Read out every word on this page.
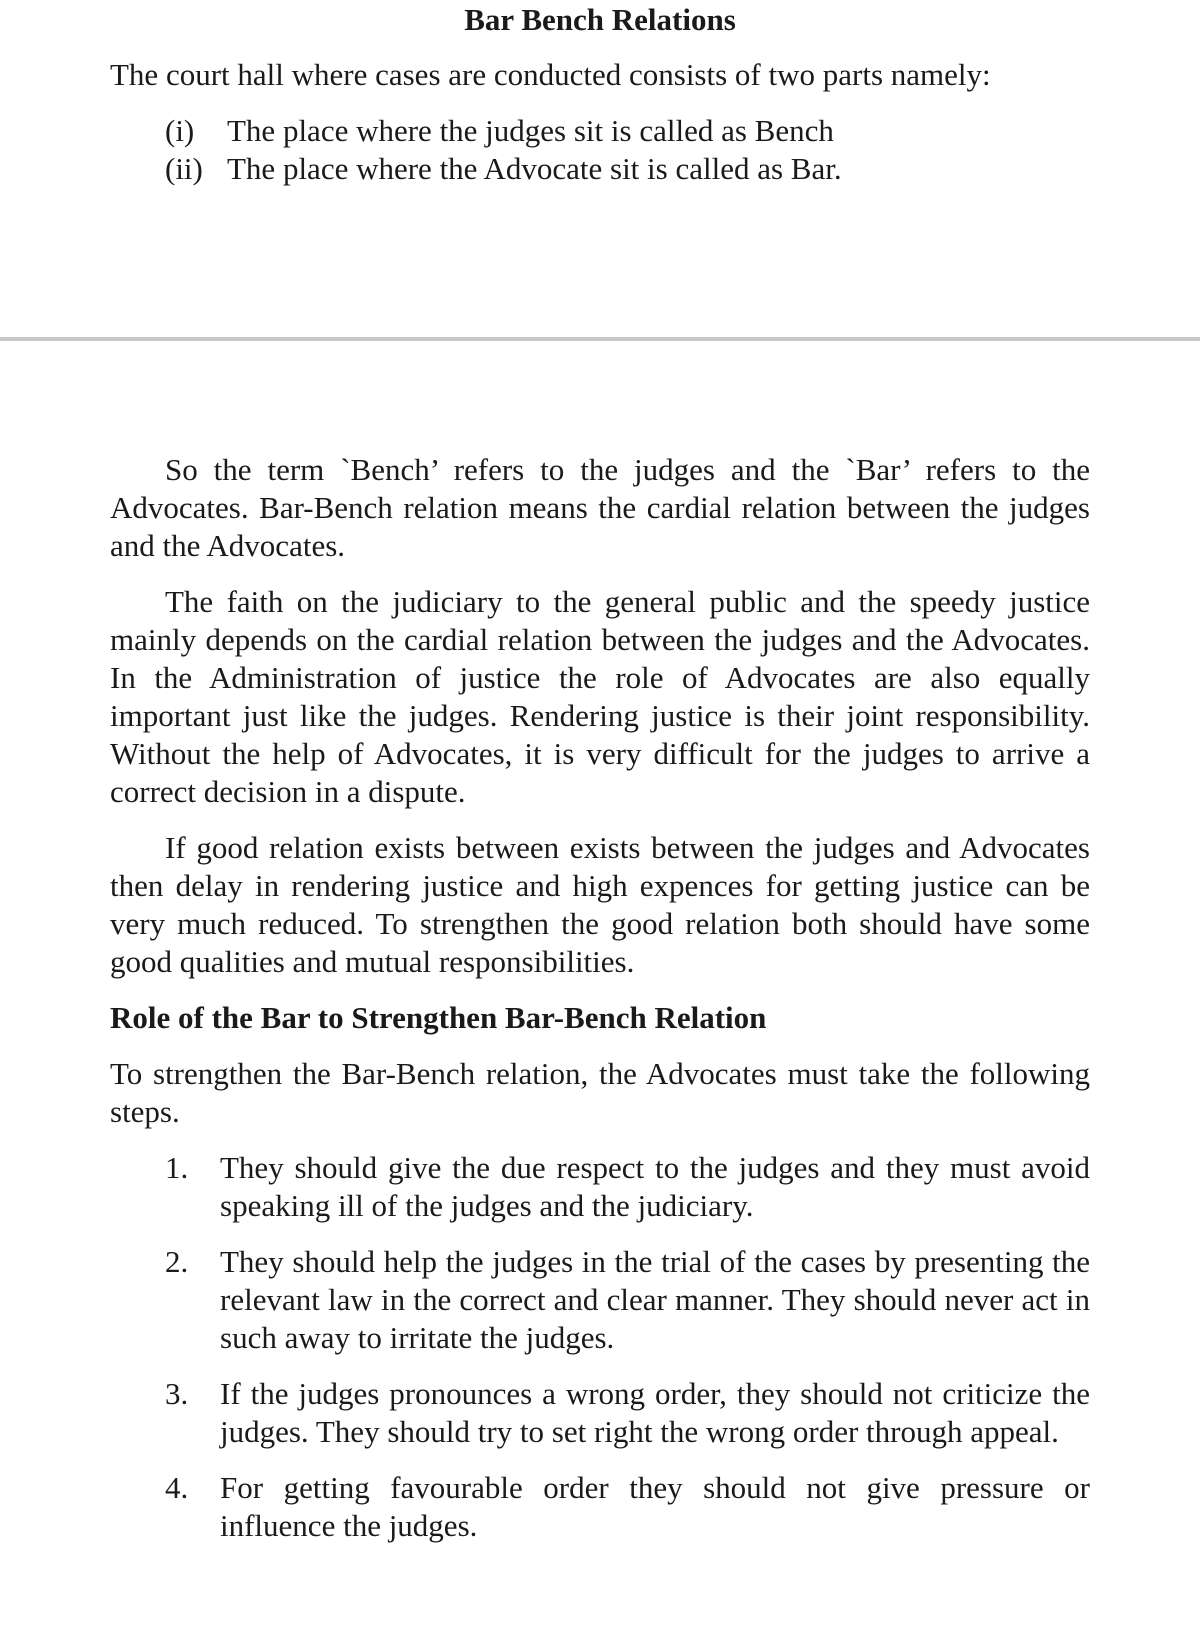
Bar Bench Relations
The court hall where cases are conducted consists of two parts namely:
(i)	The place where the judges sit is called as Bench
(ii) The place where the Advocate sit is called as Bar.

So the term `Bench’ refers to the judges and the `Bar’ refers to the Advocates. Bar-Bench relation means the cardial relation between the judges and the Advocates.

The faith on the judiciary to the general public and the speedy justice mainly depends on the cardial relation between the judges and the Advocates. In the Administration of justice the role of Advocates are also equally important just like the judges. Rendering justice is their joint responsibility. Without the help of Advocates, it is very difficult for the judges to arrive a correct decision in a dispute.

If good relation exists between exists between the judges and Advocates then delay in rendering justice and high expences for getting justice can be very much reduced. To strengthen the good relation both should have some good qualities and mutual responsibilities.

Role of the Bar to Strengthen Bar-Bench Relation

To strengthen the Bar-Bench relation, the Advocates must take the following steps.

1.	They should give the due respect to the judges and they must avoid speaking ill of the judges and the judiciary.
2.	They should help the judges in the trial of the cases by presenting the relevant law in the correct and clear manner. They should never act in such away to irritate the judges.
3.	If the judges pronounces a wrong order, they should not criticize the judges. They should try to set right the wrong order through appeal.
4.	For getting favourable order they should not give pressure or influence the judges.
